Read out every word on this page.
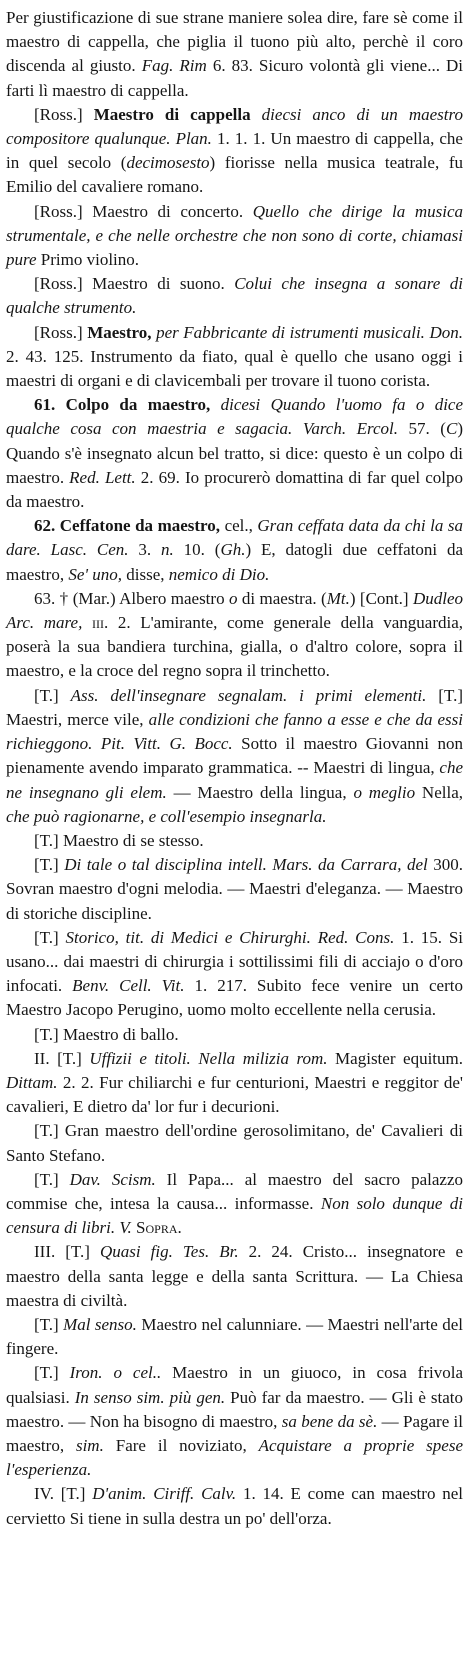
Per giustificazione di sue strane maniere solea dire, fare sè come il maestro di cappella, che piglia il tuono più alto, perchè il coro discenda al giusto. Fag. Rim 6. 83. Sicuro volontà gli viene... Di farti lì maestro di cappella.

[Ross.] Maestro di cappella diecsi anco di un maestro compositore qualunque. Plan. 1. 1. 1. Un maestro di cappella, che in quel secolo (decimosesto) fiorisse nella musica teatrale, fu Emilio del cavaliere romano.

[Ross.] Maestro di concerto. Quello che dirige la musica strumentale, e che nelle orchestre che non sono di corte, chiamasi pure Primo violino.

[Ross.] Maestro di suono. Colui che insegna a sonare di qualche strumento.

[Ross.] Maestro, per Fabbricante di istrumenti musicali. Don. 2. 43. 125. Instrumento da fiato, qual è quello che usano oggi i maestri di organi e di clavicembali per trovare il tuono corista.

61. Colpo da maestro, dicesi Quando l'uomo fa o dice qualche cosa con maestria e sagacia. Varch. Ercol. 57. (C) Quando s'è insegnato alcun bel tratto, si dice: questo è un colpo di maestro. Red. Lett. 2. 69. Io procurerò domattina di far quel colpo da maestro.

62. Ceffatone da maestro, cel., Gran ceffata data da chi la sa dare. Lasc. Cen. 3. n. 10. (Gh.) E, datogli due ceffatoni da maestro, Se' uno, disse, nemico di Dio.

63. † (Mar.) Albero maestro o di maestra. (Mt.) [Cont.] Dudleo Arc. mare, iii. 2. L'amirante, come generale della vanguardia, poserà la sua bandiera turchina, gialla, o d'altro colore, sopra il maestro, e la croce del regno sopra il trinchetto.

[T.] Ass. dell'insegnare segnalam. i primi elementi. [T.] Maestri, merce vile, alle condizioni che fanno a esse e che da essi richieggono. Pit. Vitt. G. Bocc. Sotto il maestro Giovanni non pienamente avendo imparato grammatica. -- Maestri di lingua, che ne insegnano gli elem. — Maestro della lingua, o meglio Nella, che può ragionarne, e coll'esempio insegnarla.

[T.] Maestro di se stesso.

[T.] Di tale o tal disciplina intell. Mars. da Carrara, del 300. Sovran maestro d'ogni melodia. — Maestri d'eleganza. — Maestro di storiche discipline.

[T.] Storico, tit. di Medici e Chirurghi. Red. Cons. 1. 15. Si usano... dai maestri di chirurgia i sottilissimi fili di acciajo o d'oro infocati. Benv. Cell. Vit. 1. 217. Subito fece venire un certo Maestro Jacopo Perugino, uomo molto eccellente nella cerusia.

[T.] Maestro di ballo.

II. [T.] Uffizii e titoli. Nella milizia rom. Magister equitum. Dittam. 2. 2. Fur chiliarchi e fur centurioni, Maestri e reggitor de' cavalieri, E dietro da' lor fur i decurioni.

[T.] Gran maestro dell'ordine gerosolimitano, de' Cavalieri di Santo Stefano.

[T.] Dav. Scism. Il Papa... al maestro del sacro palazzo commise che, intesa la causa... informasse. Non solo dunque di censura di libri. V. Sopra.

III. [T.] Quasi fig. Tes. Br. 2. 24. Cristo... insegnatore e maestro della santa legge e della santa Scrittura. — La Chiesa maestra di civiltà.

[T.] Mal senso. Maestro nel calunniare. — Maestri nell'arte del fingere.

[T.] Iron. o cel.. Maestro in un giuoco, in cosa frivola qualsiasi. In senso sim. più gen. Può far da maestro. — Gli è stato maestro. — Non ha bisogno di maestro, sa bene da sè. — Pagare il maestro, sim. Fare il noviziato, Acquistare a proprie spese l'esperienza.

IV. [T.] D'anim. Ciriff. Calv. 1. 14. E come can maestro nel cervietto Si tiene in sulla destra un po' dell'orza.
